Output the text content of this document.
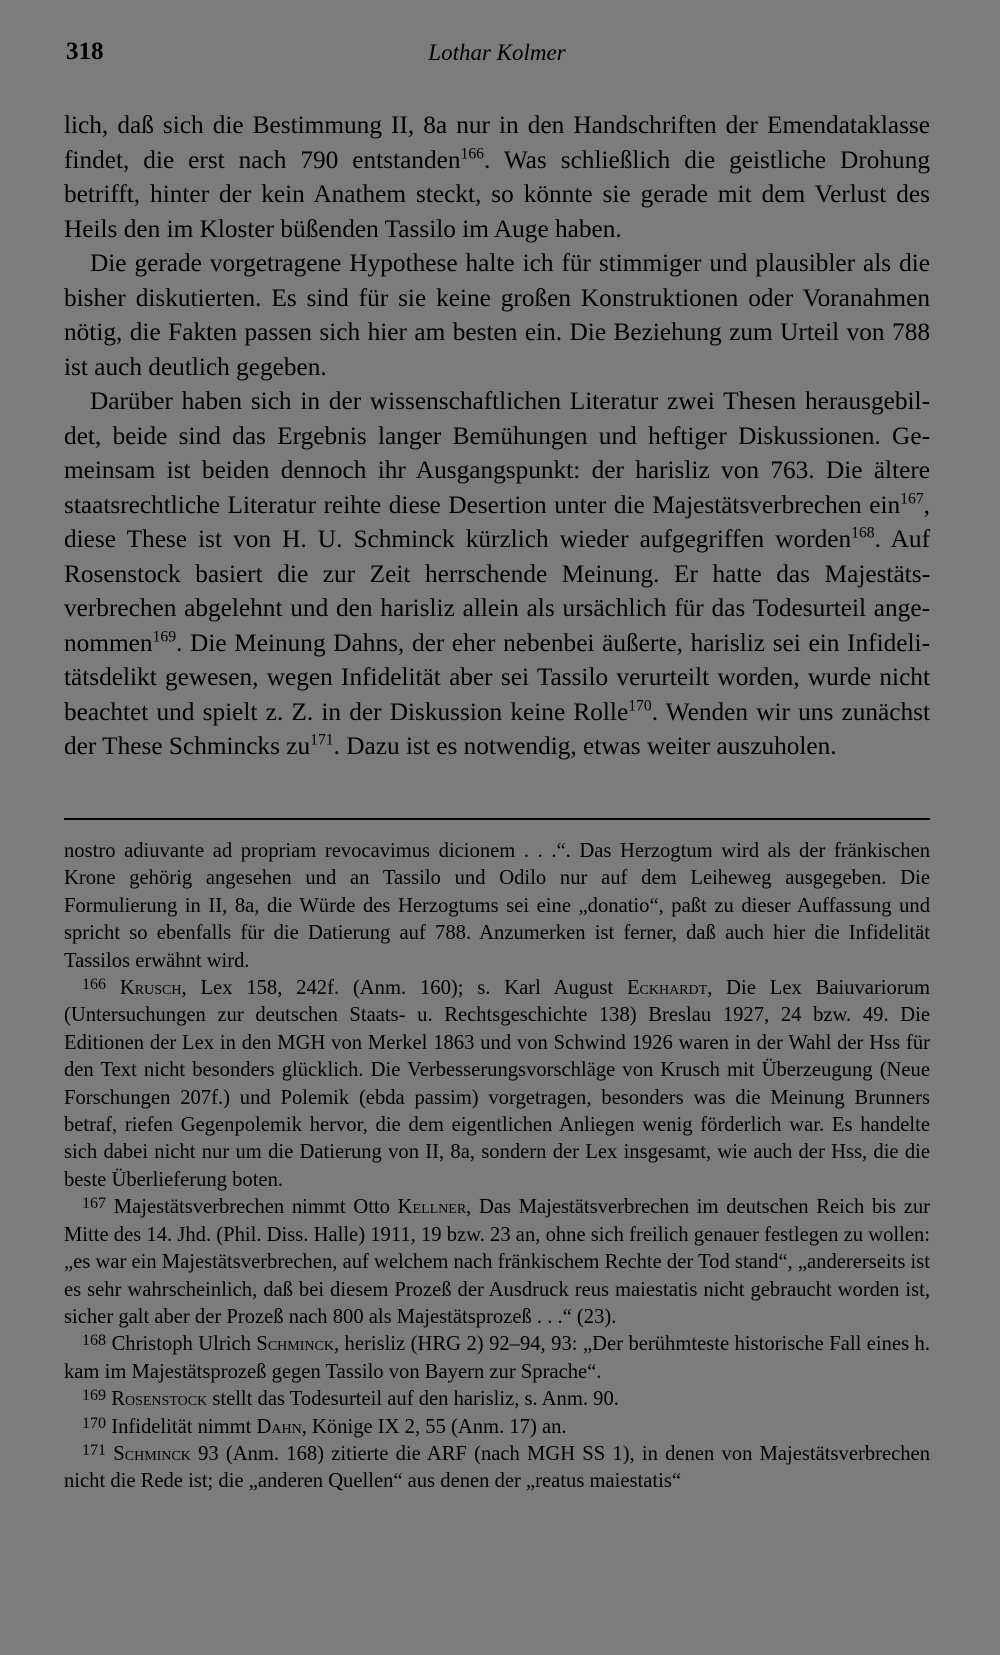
318	Lothar Kolmer

lich, daß sich die Bestimmung II, 8a nur in den Handschriften der Emendataklasse findet, die erst nach 790 entstanden$^{166}$. Was schließlich die geistliche Drohung betrifft, hinter der kein Anathem steckt, so könnte sie gerade mit dem Verlust des Heils den im Kloster büßenden Tassilo im Auge haben.

Die gerade vorgetragene Hypothese halte ich für stimmiger und plausibler als die bisher diskutierten. Es sind für sie keine großen Konstruktionen oder Voranahmen nötig, die Fakten passen sich hier am besten ein. Die Beziehung zum Urteil von 788 ist auch deutlich gegeben.

Darüber haben sich in der wissenschaftlichen Literatur zwei Thesen herausgebildet, beide sind das Ergebnis langer Bemühungen und heftiger Diskussionen. Gemeinsam ist beiden dennoch ihr Ausgangspunkt: der harisliz von 763. Die ältere staatsrechtliche Literatur reihte diese Desertion unter die Majestätsverbrechen ein$^{167}$, diese These ist von H. U. Schminck kürzlich wieder aufgegriffen worden$^{168}$. Auf Rosenstock basiert die zur Zeit herrschende Meinung. Er hatte das Majestätsverbrechen abgelehnt und den harisliz allein als ursächlich für das Todesurteil angenommen$^{169}$. Die Meinung Dahns, der eher nebenbei äußerte, harisliz sei ein Infidelitätsdelikt gewesen, wegen Infidelität aber sei Tassilo verurteilt worden, wurde nicht beachtet und spielt z. Z. in der Diskussion keine Rolle$^{170}$. Wenden wir uns zunächst der These Schmincks $zu^{171}$. Dazu ist es notwendig, etwas weiter auszuholen.

nostro adiuvante ad propriam revocavimus dicionem . . .“. Das Herzogtum wird als der fränkischen Krone gehörig angesehen und an Tassilo und Odilo nur auf dem Leiheweg ausgegeben. Die Formulierung in II, 8a, die Würde des Herzogtums sei eine „donatio“, paßt zu dieser Auffassung und spricht so ebenfalls für die Datierung auf 788. Anzumerken ist ferner, daß auch hier die Infidelität Tassilos erwähnt wird.

$^{166}$ Krusch, Lex 158, 242f. (Anm. 160); s. Karl August Eckhardt, Die Lex Baiuvariorum (Untersuchungen zur deutschen Staats- u. Rechtsgeschichte 138) Breslau 1927, 24 bzw. 49. Die Editionen der Lex in den MGH von Merkel 1863 und von Schwind 1926 waren in der Wahl der Hss für den Text nicht besonders glücklich. Die Verbesserungsvorschläge von Krusch mit Überzeugung (Neue Forschungen 207f.) und Polemik (ebda passim) vorgetragen, besonders was die Meinung Brunners betraf, riefen Gegenpolemik hervor, die dem eigentlichen Anliegen wenig förderlich war. Es handelte sich dabei nicht nur um die Datierung von II, 8a, sondern der Lex insgesamt, wie auch der Hss, die die beste Überlieferung boten.

$^{167}$ Majestätsverbrechen nimmt Otto Kellner, Das Majestätsverbrechen im deutschen Reich bis zur Mitte des 14. Jhd. (Phil. Diss. Halle) 1911, 19 bzw. 23 an, ohne sich freilich genauer festlegen zu wollen: „es war ein Majestätsverbrechen, auf welchem nach fränkischem Rechte der Tod stand“, „andererseits ist es sehr wahrscheinlich, daß bei diesem Prozeß der Ausdruck reus maiestatis nicht gebraucht worden ist, sicher galt aber der Prozeß nach 800 als Majestätsprozeß . . .“ (23).

$^{168}$ Christoph Ulrich Schminck, herisliz (HRG 2) 92–94, 93: „Der berühmteste historische Fall eines h. kam im Majestätsprozeß gegen Tassilo von Bayern zur Sprache“.

$^{169}$ Rosenstock stellt das Todesurteil auf den harisliz, s. Anm. 90.

$^{170}$ Infidelität nimmt Dahn, Könige IX 2, 55 (Anm. 17) an.

$^{171}$ Schminck 93 (Anm. 168) zitierte die ARF (nach MGH SS 1), in denen von Majestätsverbrechen nicht die Rede ist; die „anderen Quellen“ aus denen der „reatus maiestatis“
